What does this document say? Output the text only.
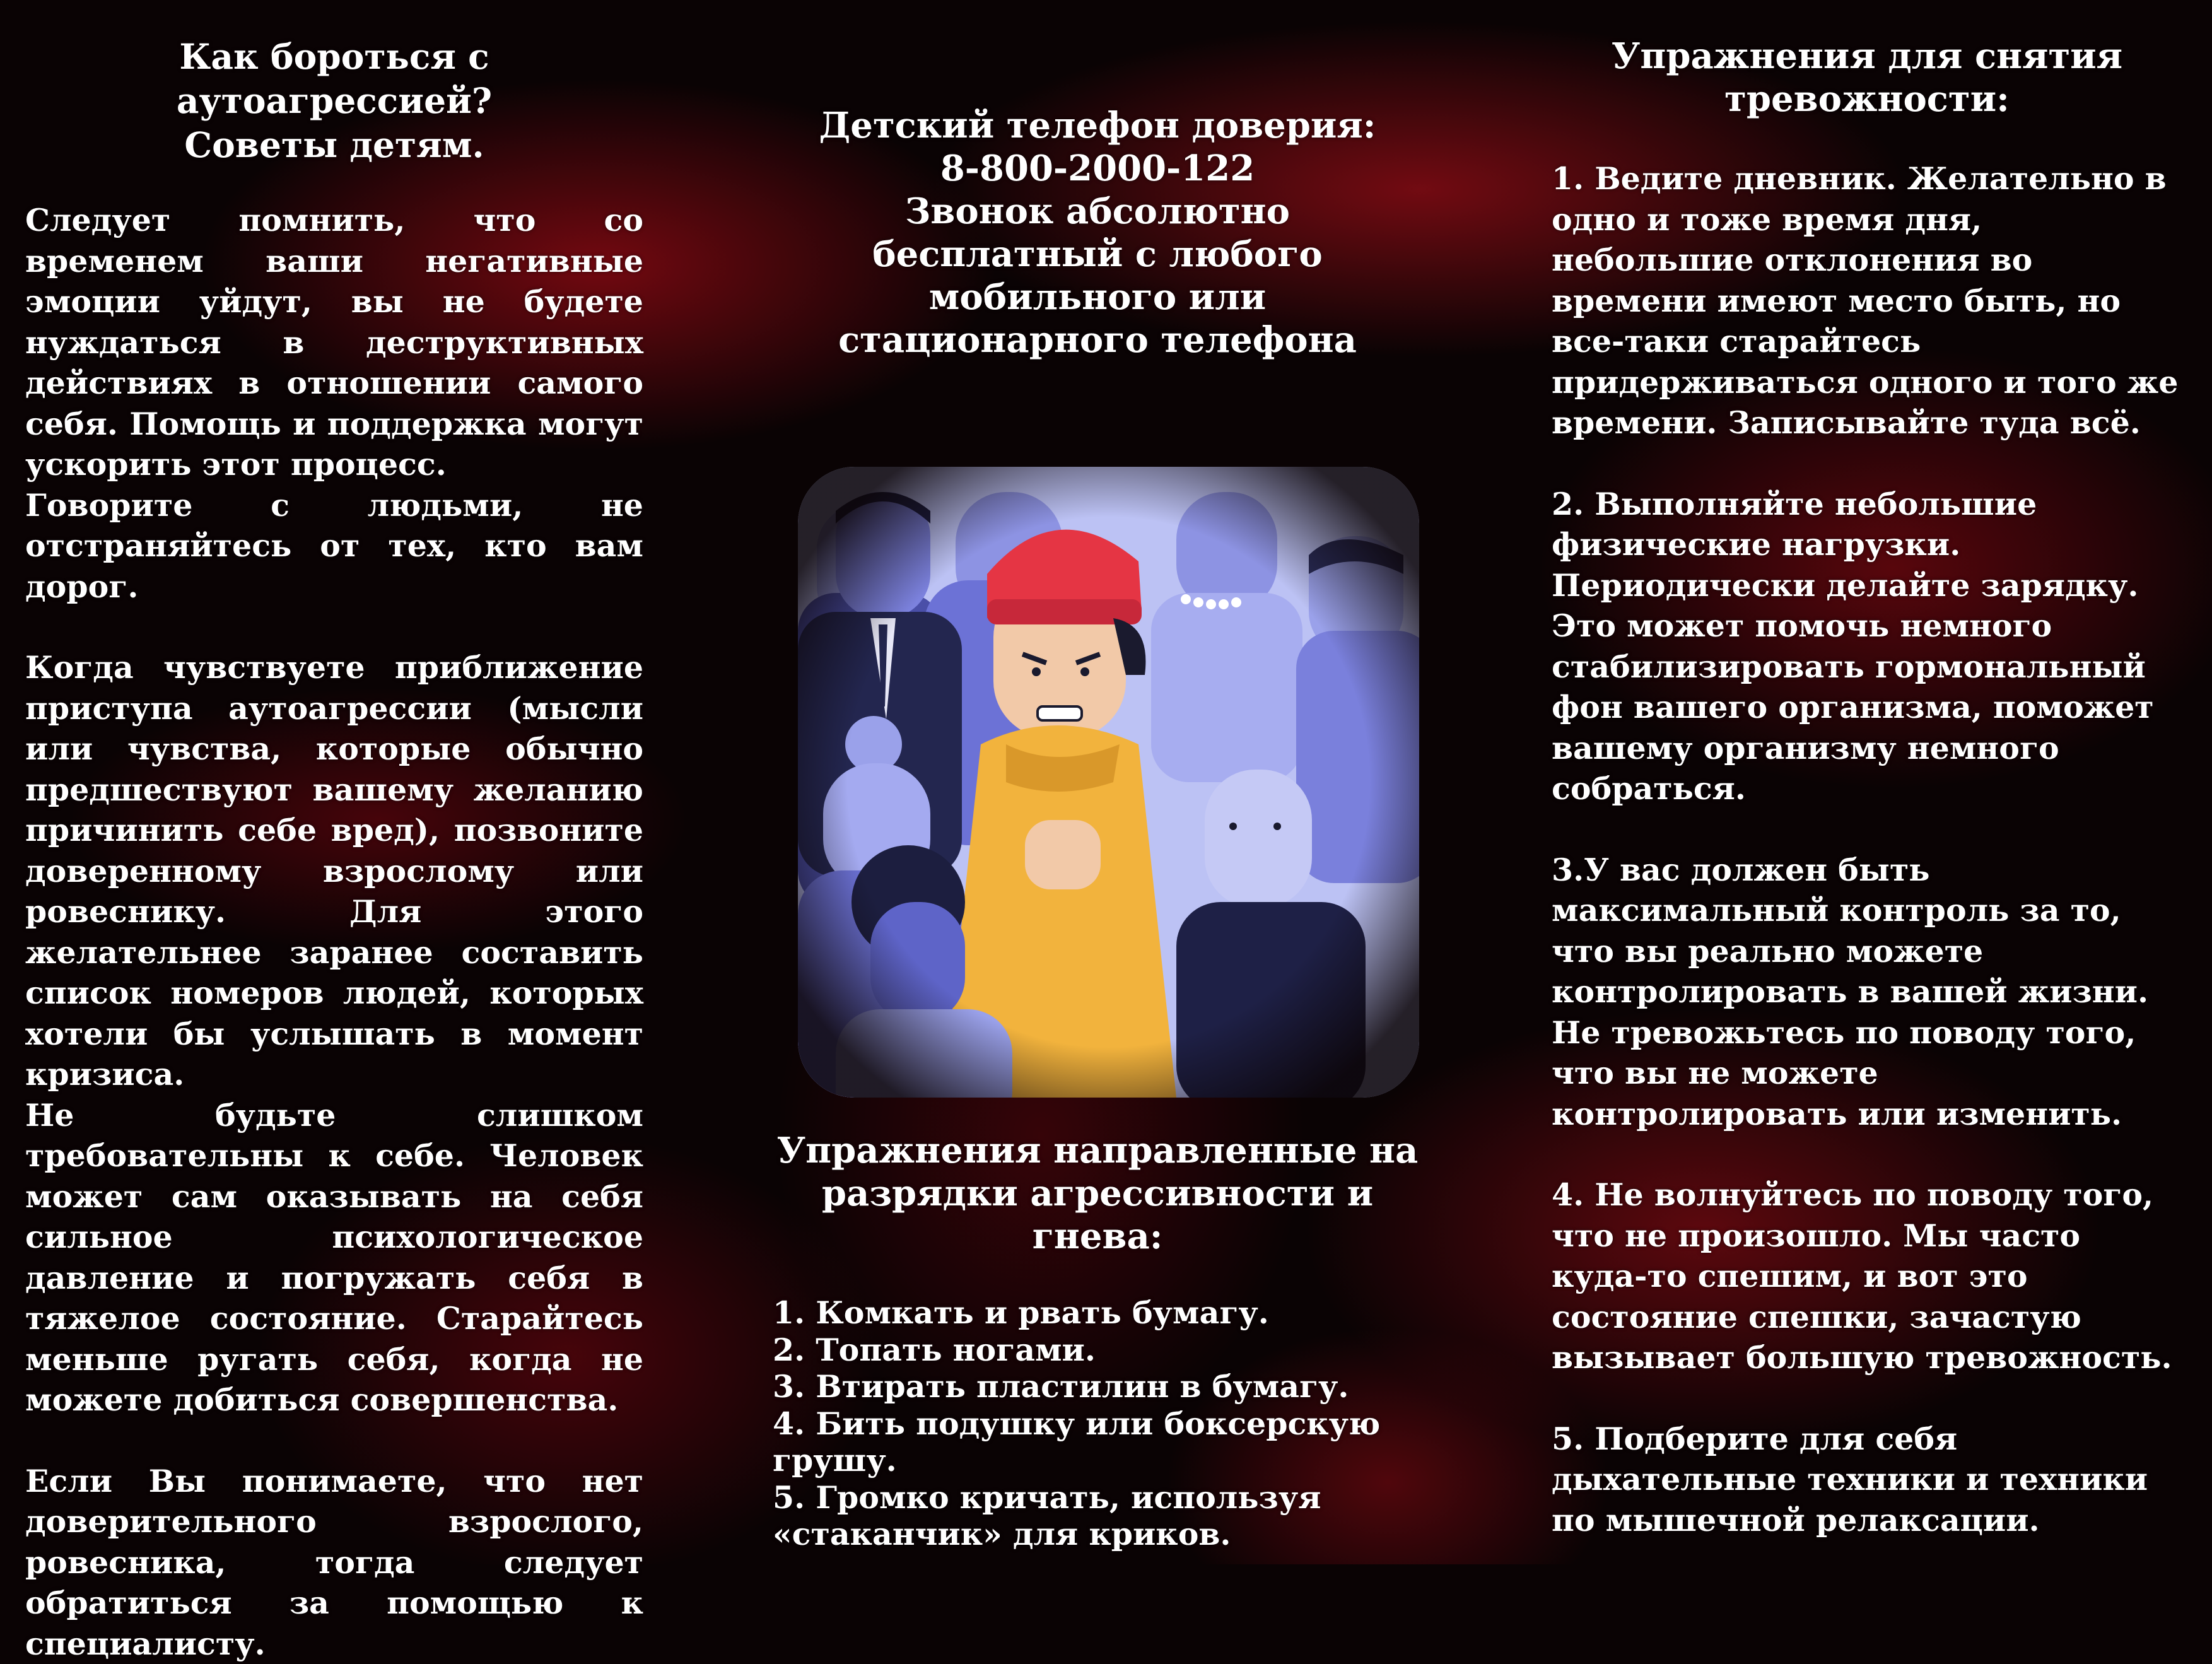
Как бороться с аутоагрессией?
Советы детям.

Следует помнить, что со временем ваши негативные эмоции уйдут, вы не будете нуждаться в деструктивных действиях в отношении самого себя. Помощь и поддержка могут ускорить этот процесс.

Говорите с людьми, не отстраняйтесь от тех, кто вам дорог.

Когда чувствуете приближение приступа аутоагрессии (мысли или чувства, которые обычно предшествуют вашему желанию причинить себе вред), позвоните доверенному взрослому или ровеснику. Для этого желательнее заранее составить список номеров людей, которых хотели бы услышать в момент кризиса.

Не будьте слишком требовательны к себе. Человек может сам оказывать на себя сильное психологическое давление и погружать себя в тяжелое состояние. Старайтесь меньше ругать себя, когда не можете добиться совершенства.

Если Вы понимаете, что нет доверительного взрослого, ровесника, тогда следует обратиться за помощью к специалисту.

Детский телефон доверия:
8-800-2000-122
Звонок абсолютно
бесплатный с любого
мобильного или
стационарного телефона

Упражнения направленные на
разрядки агрессивности и гнева:

1. Комкать и рвать бумагу.
2. Топать ногами.
3. Втирать пластилин в бумагу.
4. Бить подушку или боксерскую грушу.
5. Громко кричать, используя «стаканчик» для криков.
Упражнения для снятия
тревожности:

1. Ведите дневник. Желательно в одно и тоже время дня, небольшие отклонения во времени имеют место быть, но все-таки старайтесь придерживаться одного и того же времени. Записывайте туда всё.

2. Выполняйте небольшие физические нагрузки. Периодически делайте зарядку. Это может помочь немного стабилизировать гормональный фон вашего организма, поможет вашему организму немного собраться.

3.У вас должен быть максимальный контроль за то, что вы реально можете контролировать в вашей жизни. Не тревожьтесь по поводу того, что вы не можете контролировать или изменить.

4. Не волнуйтесь по поводу того, что не произошло. Мы часто куда-то спешим, и вот это состояние спешки, зачастую вызывает большую тревожность.

5. Подберите для себя дыхательные техники и техники по мышечной релаксации.
